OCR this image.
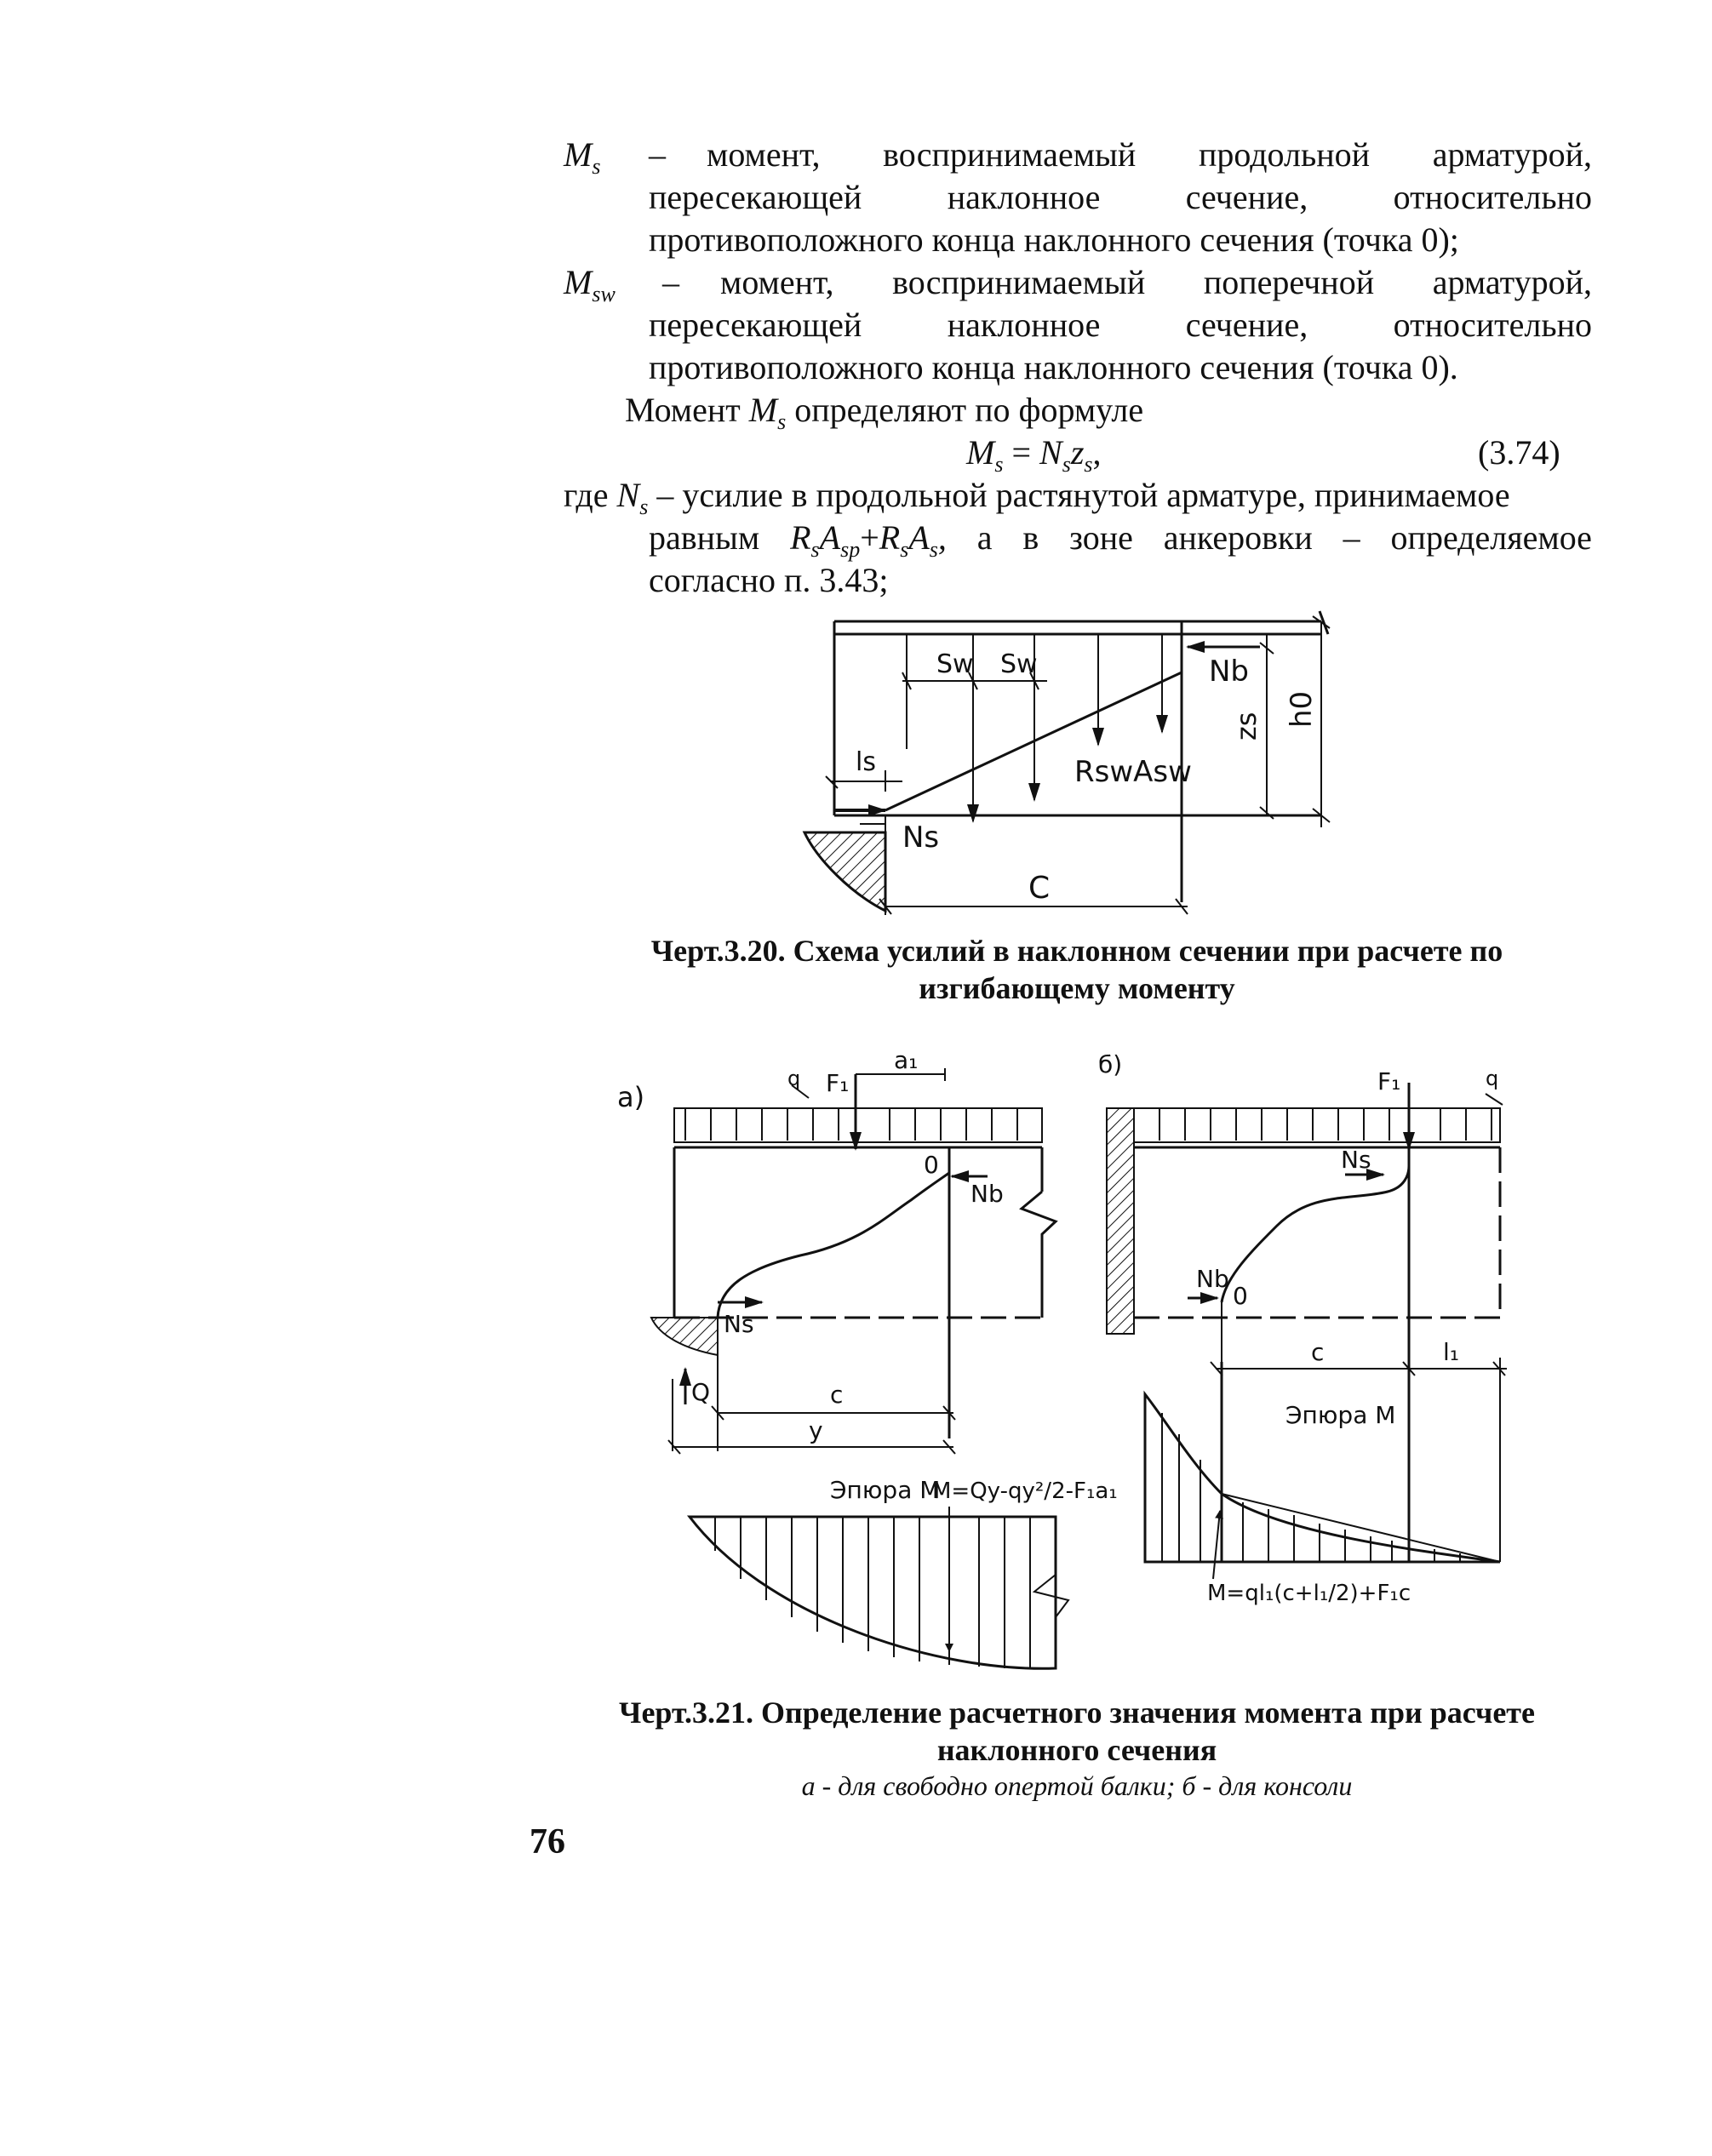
$M_s$ – момент, воспринимаемый продольной арматурой,
пересекающей	наклонное	сечение,	относительно
противоположного конца наклонного сечения (точка 0);
$M_{sw}$ – момент, воспринимаемый поперечной арматурой,
пересекающей	наклонное	сечение,	относительно
противоположного конца наклонного сечения (точка 0).
Момент $M_s$ определяют по формуле
$M_s = N_sz_s$,	(3.74)
где $N_s$ – усилие в продольной растянутой арматуре, принимаемое
равным $R_sA_{sp}+R_sA_s$, а в зоне анкеровки – определяемое
согласно п. 3.43;
Sw Sw	Nb
zs h0
ls	RswAsw
Ns
C
Черт.3.20. Схема усилий в наклонном сечении при расчете по
изгибающему моменту
а)
q F₁
a₁
0
Nb
Ns
Q	c
y
Эпюра М
M=Qy-qy²/2-F₁a₁
б)
F₁	q
Ns
Nb
0
c	l₁
Эпюра М
M=ql₁(c+l₁/2)+F₁c
Черт.3.21. Определение расчетного значения момента при расчете
наклонного сечения
а - для свободно опертой балки; б - для консоли
76
